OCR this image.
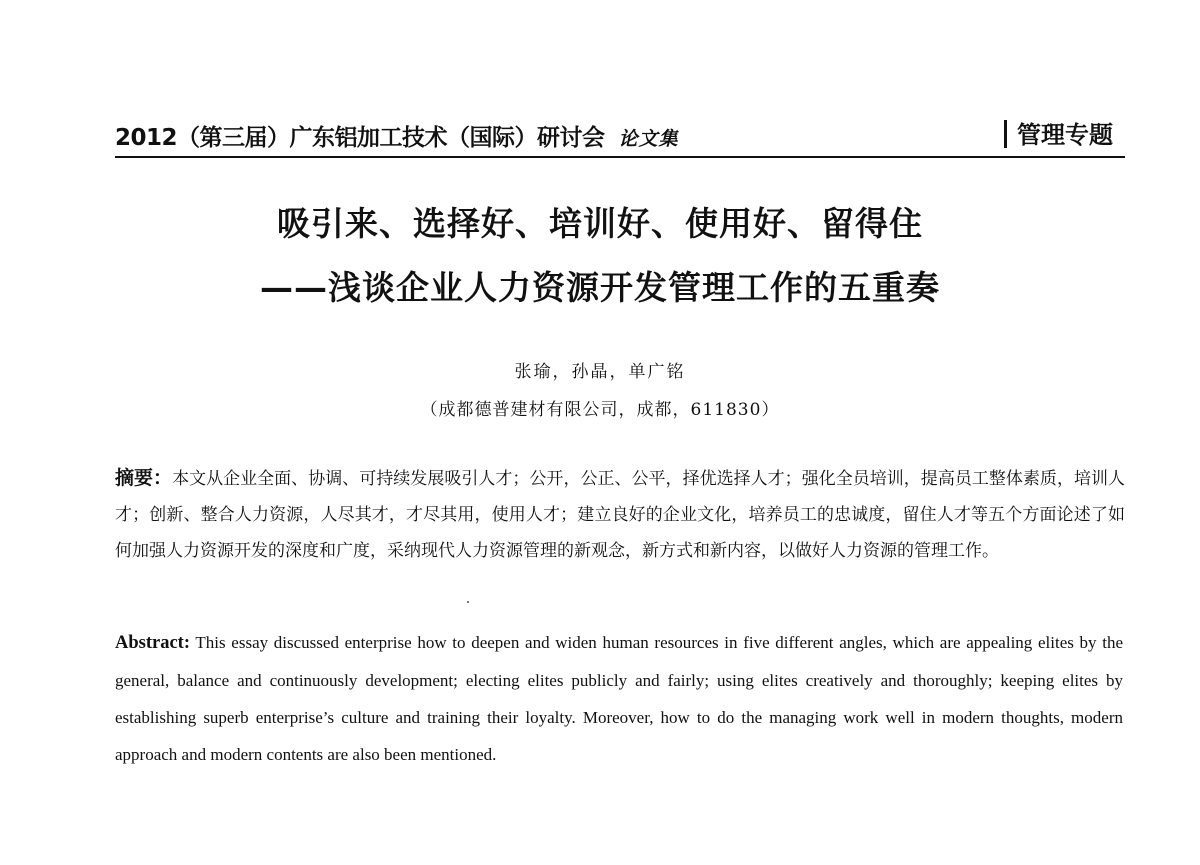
2012（第三届）广东铝加工技术（国际）研讨会 论文集	管理专题
吸引来、选择好、培训好、使用好、留得住
——浅谈企业人力资源开发管理工作的五重奏
张瑜，孙晶，单广铭
（成都德普建材有限公司，成都，611830）
摘要：本文从企业全面、协调、可持续发展吸引人才；公开，公正、公平，择优选择人才；强化全员培训，提高员工整体素质，培训人才；创新、整合人力资源，人尽其才，才尽其用，使用人才；建立良好的企业文化，培养员工的忠诚度，留住人才等五个方面论述了如何加强人力资源开发的深度和广度，采纳现代人力资源管理的新观念，新方式和新内容，以做好人力资源的管理工作。
Abstract: This essay discussed enterprise how to deepen and widen human resources in five different angles, which are appealing elites by the general, balance and continuously development; electing elites publicly and fairly; using elites creatively and thoroughly; keeping elites by establishing superb enterprise’s culture and training their loyalty. Moreover, how to do the managing work well in modern thoughts, modern approach and modern contents are also been mentioned.
